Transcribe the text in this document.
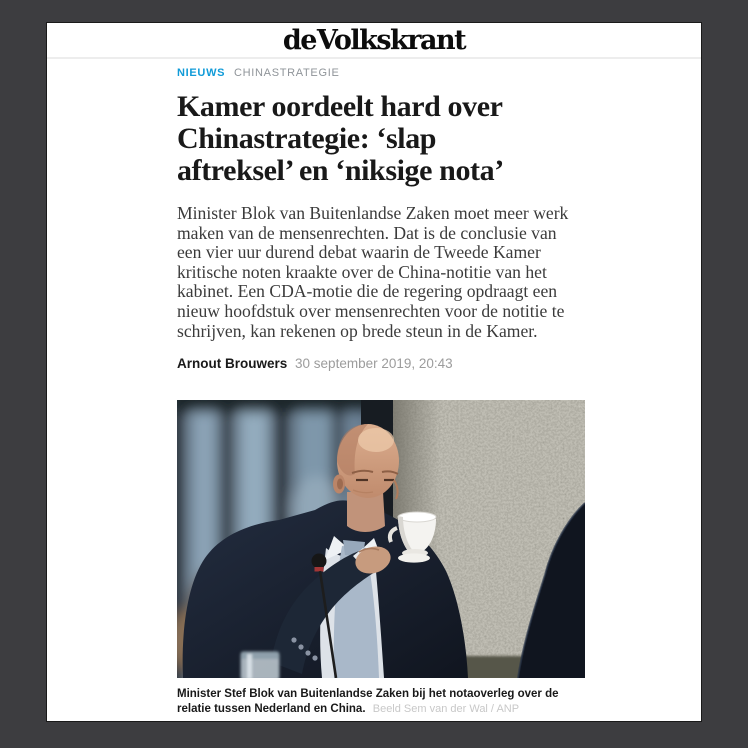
de Volkskrant
NIEUWS CHINASTRATEGIE
Kamer oordeelt hard over
Chinastrategie: ‘slap
aftreksel’ en ‘niksige nota’

Minister Blok van Buitenlandse Zaken moet meer werk maken van de mensenrechten. Dat is de conclusie van een vier uur durend debat waarin de Tweede Kamer kritische noten kraakte over de China-notitie van het kabinet. Een CDA-motie die de regering opdraagt een nieuw hoofdstuk over mensenrechten voor de notitie te schrijven, kan rekenen op brede steun in de Kamer.

Arnout Brouwers 30 september 2019, 20:43
Minister Stef Blok van Buitenlandse Zaken bij het notaoverleg over de relatie tussen Nederland en China. Beeld Sem van der Wal / ANP
